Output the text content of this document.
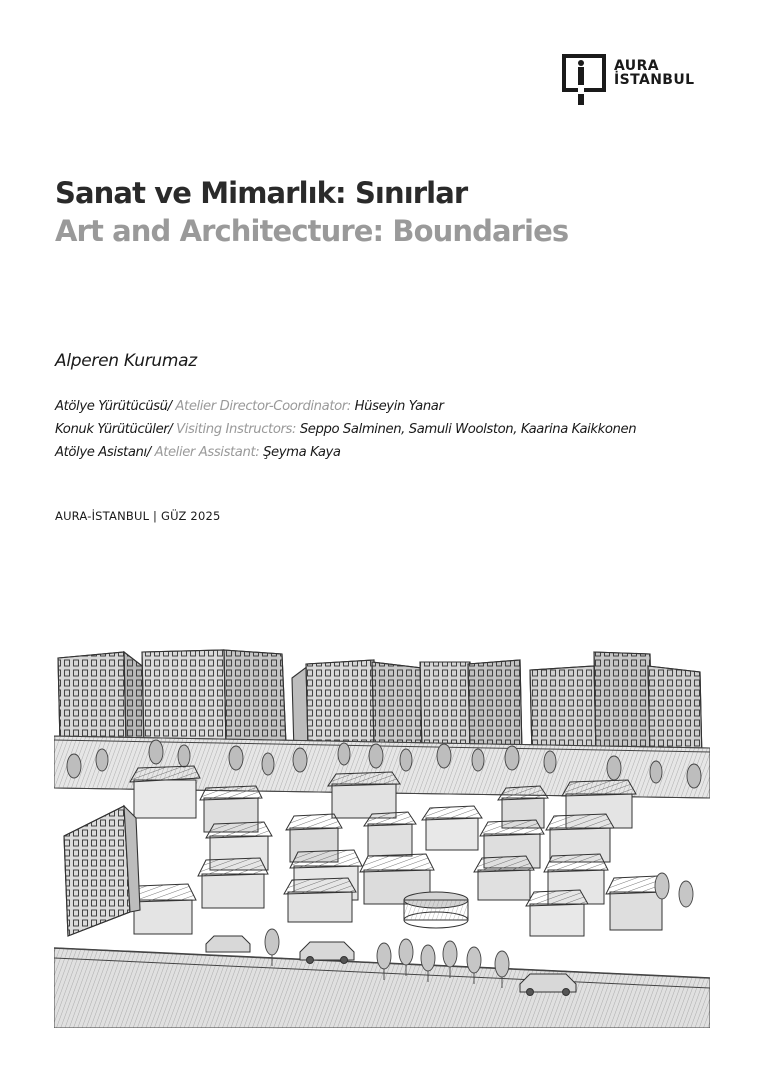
AURA
İSTANBUL
Sanat ve Mimarlık: Sınırlar
Art and Architecture: Boundaries
Alperen Kurumaz
Atölye Yürütücüsü/ Atelier Director-Coordinator: Hüseyin Yanar
Konuk Yürütücüler/ Visiting Instructors: Seppo Salminen, Samuli Woolston, Kaarina Kaikkonen
Atölye Asistanı/ Atelier Assistant: Şeyma Kaya
AURA-İSTANBUL | GÜZ 2025
